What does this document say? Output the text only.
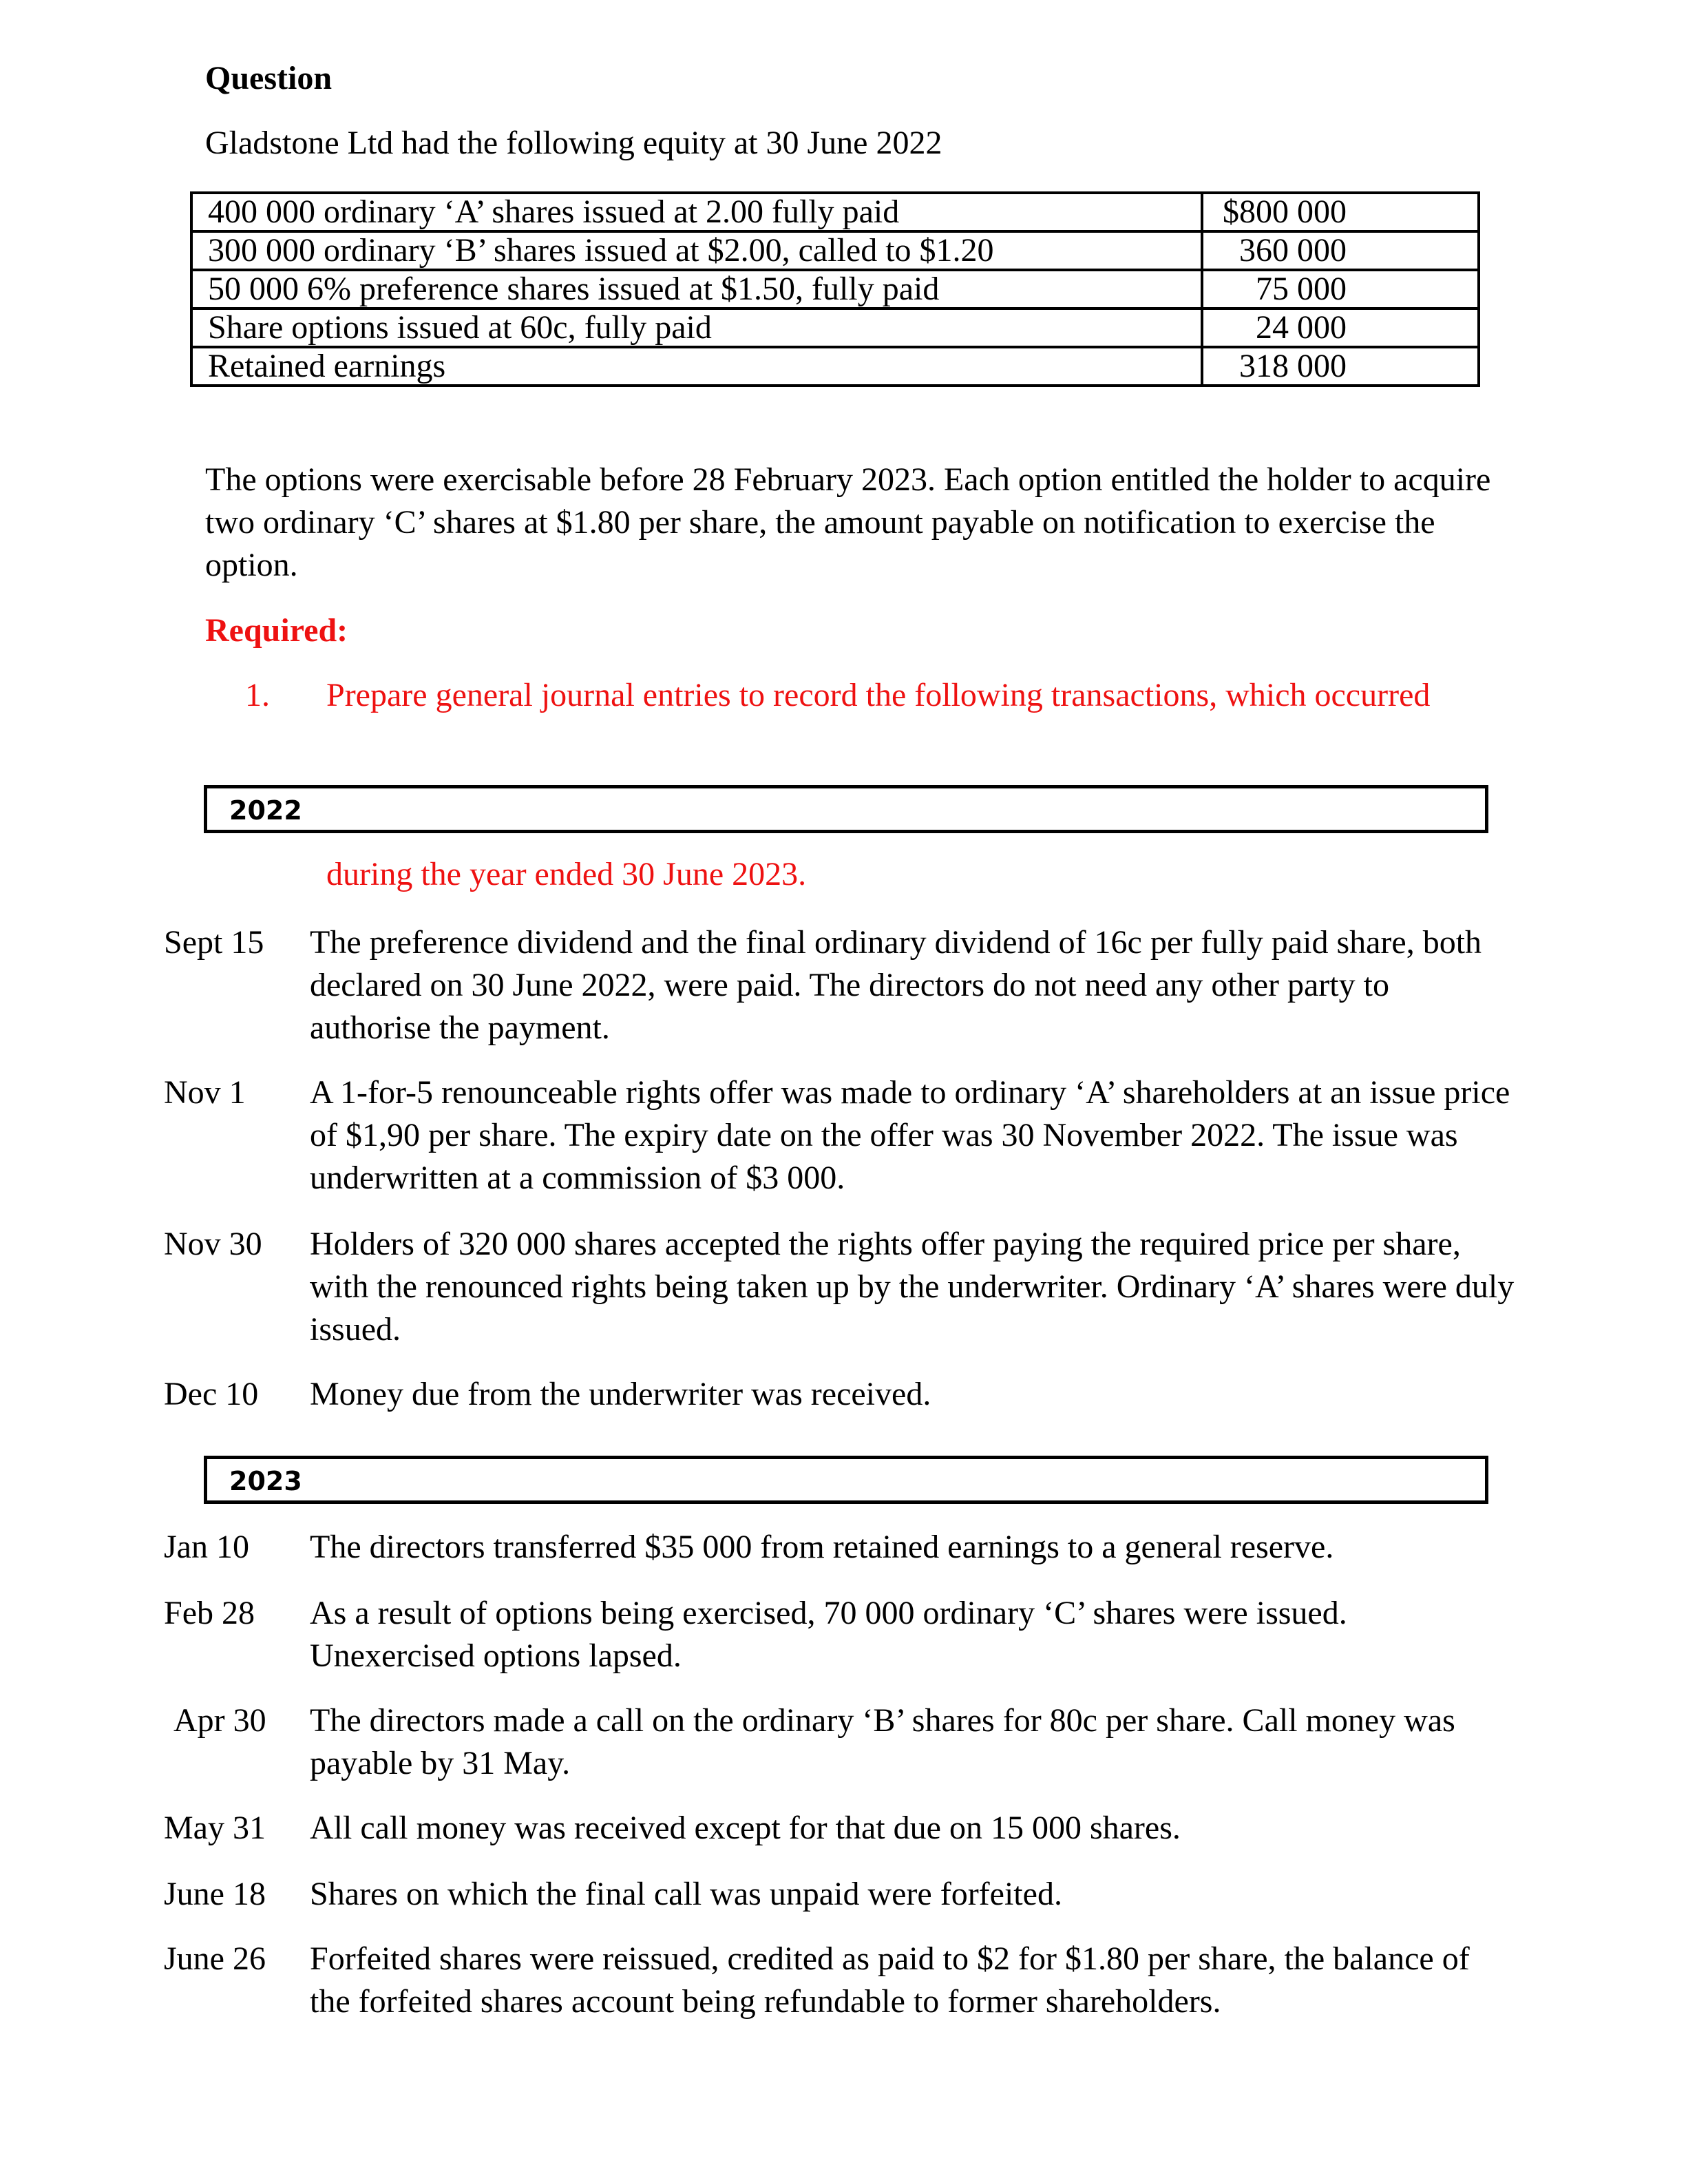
Question
Gladstone Ltd had the following equity at 30 June 2022
400 000 ordinary ‘A’ shares issued at 2.00 fully paid	$800 000
300 000 ordinary ‘B’ shares issued at $2.00, called to $1.20	360 000
50 000 6% preference shares issued at $1.50, fully paid	75 000
Share options issued at 60c, fully paid	24 000
Retained earnings	318 000
The options were exercisable before 28 February 2023. Each option entitled the holder to acquire two ordinary ‘C’ shares at $1.80 per share, the amount payable on notification to exercise the option.
Required:
1. Prepare general journal entries to record the following transactions, which occurred
2022
during the year ended 30 June 2023.
Sept 15 The preference dividend and the final ordinary dividend of 16c per fully paid share, both declared on 30 June 2022, were paid. The directors do not need any other party to authorise the payment.
Nov 1 A 1-for-5 renounceable rights offer was made to ordinary ‘A’ shareholders at an issue price of $1,90 per share. The expiry date on the offer was 30 November 2022. The issue was underwritten at a commission of $3 000.
Nov 30 Holders of 320 000 shares accepted the rights offer paying the required price per share, with the renounced rights being taken up by the underwriter. Ordinary ‘A’ shares were duly issued.
Dec 10 Money due from the underwriter was received.
2023
Jan 10 The directors transferred $35 000 from retained earnings to a general reserve.
Feb 28 As a result of options being exercised, 70 000 ordinary ‘C’ shares were issued. Unexercised options lapsed.
Apr 30 The directors made a call on the ordinary ‘B’ shares for 80c per share. Call money was payable by 31 May.
May 31 All call money was received except for that due on 15 000 shares.
June 18 Shares on which the final call was unpaid were forfeited.
June 26 Forfeited shares were reissued, credited as paid to $2 for $1.80 per share, the balance of the forfeited shares account being refundable to former shareholders.
